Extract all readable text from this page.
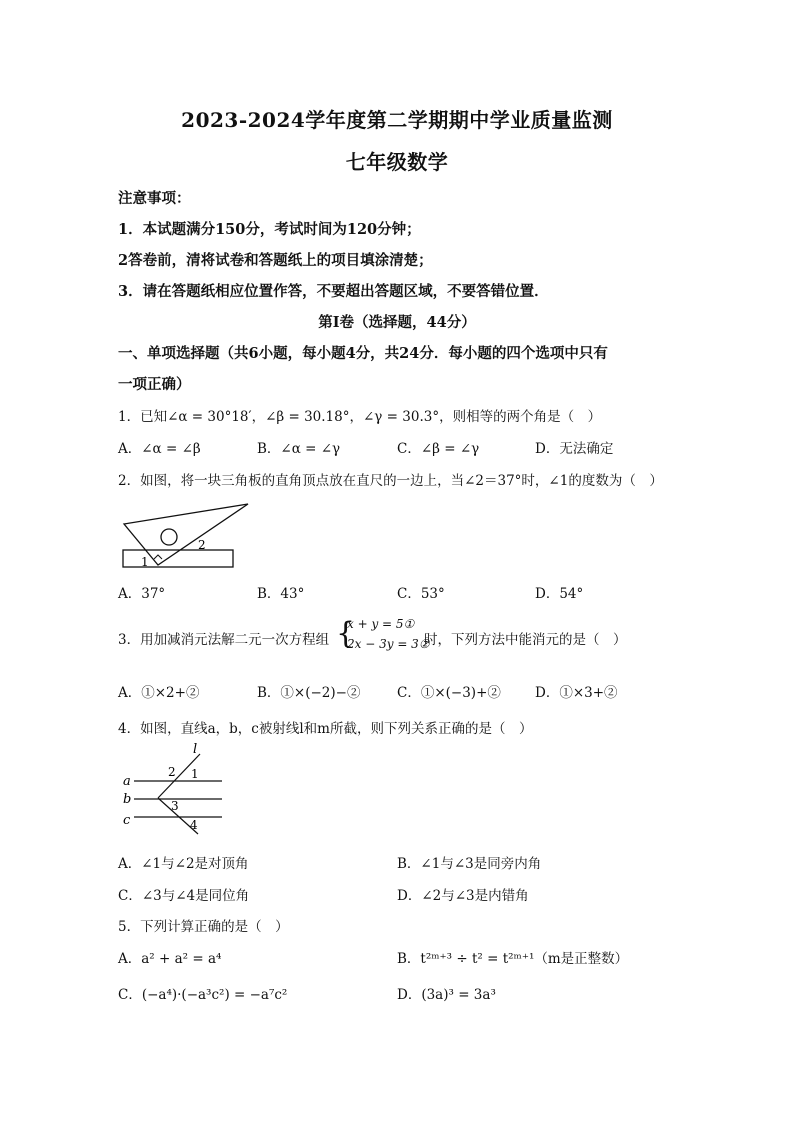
2023-2024学年度第二学期期中学业质量监测
七年级数学
注意事项：
1．本试题满分150分，考试时间为120分钟；
2答卷前，清将试卷和答题纸上的项目填涂清楚；
3．请在答题纸相应位置作答，不要超出答题区域，不要答错位置．
第I卷（选择题，44分）
一、单项选择题（共6小题，每小题4分，共24分．每小题的四个选项中只有
一项正确）
1．已知∠α = 30°18′，∠β = 30.18°，∠γ = 30.3°，则相等的两个角是（　）
A．∠α = ∠β	B．∠α = ∠γ	C．∠β = ∠γ	D．无法确定
2．如图，将一块三角板的直角顶点放在直尺的一边上，当∠2＝37°时，∠1的度数为（　）
1
2
A．37°	B．43°	C．53°	D．54°
3．用加减消元法解二元一次方程组 {
x + y = 5①
2x − 3y = 3②
时，下列方法中能消元的是（　）
A．①×2+②	B．①×(−2)−②	C．①×(−3)+②	D．①×3+②
4．如图，直线a，b，c被射线l和m所截，则下列关系正确的是（　）
l
a
b
c
1
2
3
4
A．∠1与∠2是对顶角	B．∠1与∠3是同旁内角
C．∠3与∠4是同位角	D．∠2与∠3是内错角
5．下列计算正确的是（　）
A．a² + a² = a⁴	B．t²ᵐ⁺³ ÷ t² = t²ᵐ⁺¹（m是正整数）
C．(−a⁴)·(−a³c²) = −a⁷c²	D．(3a)³ = 3a³
